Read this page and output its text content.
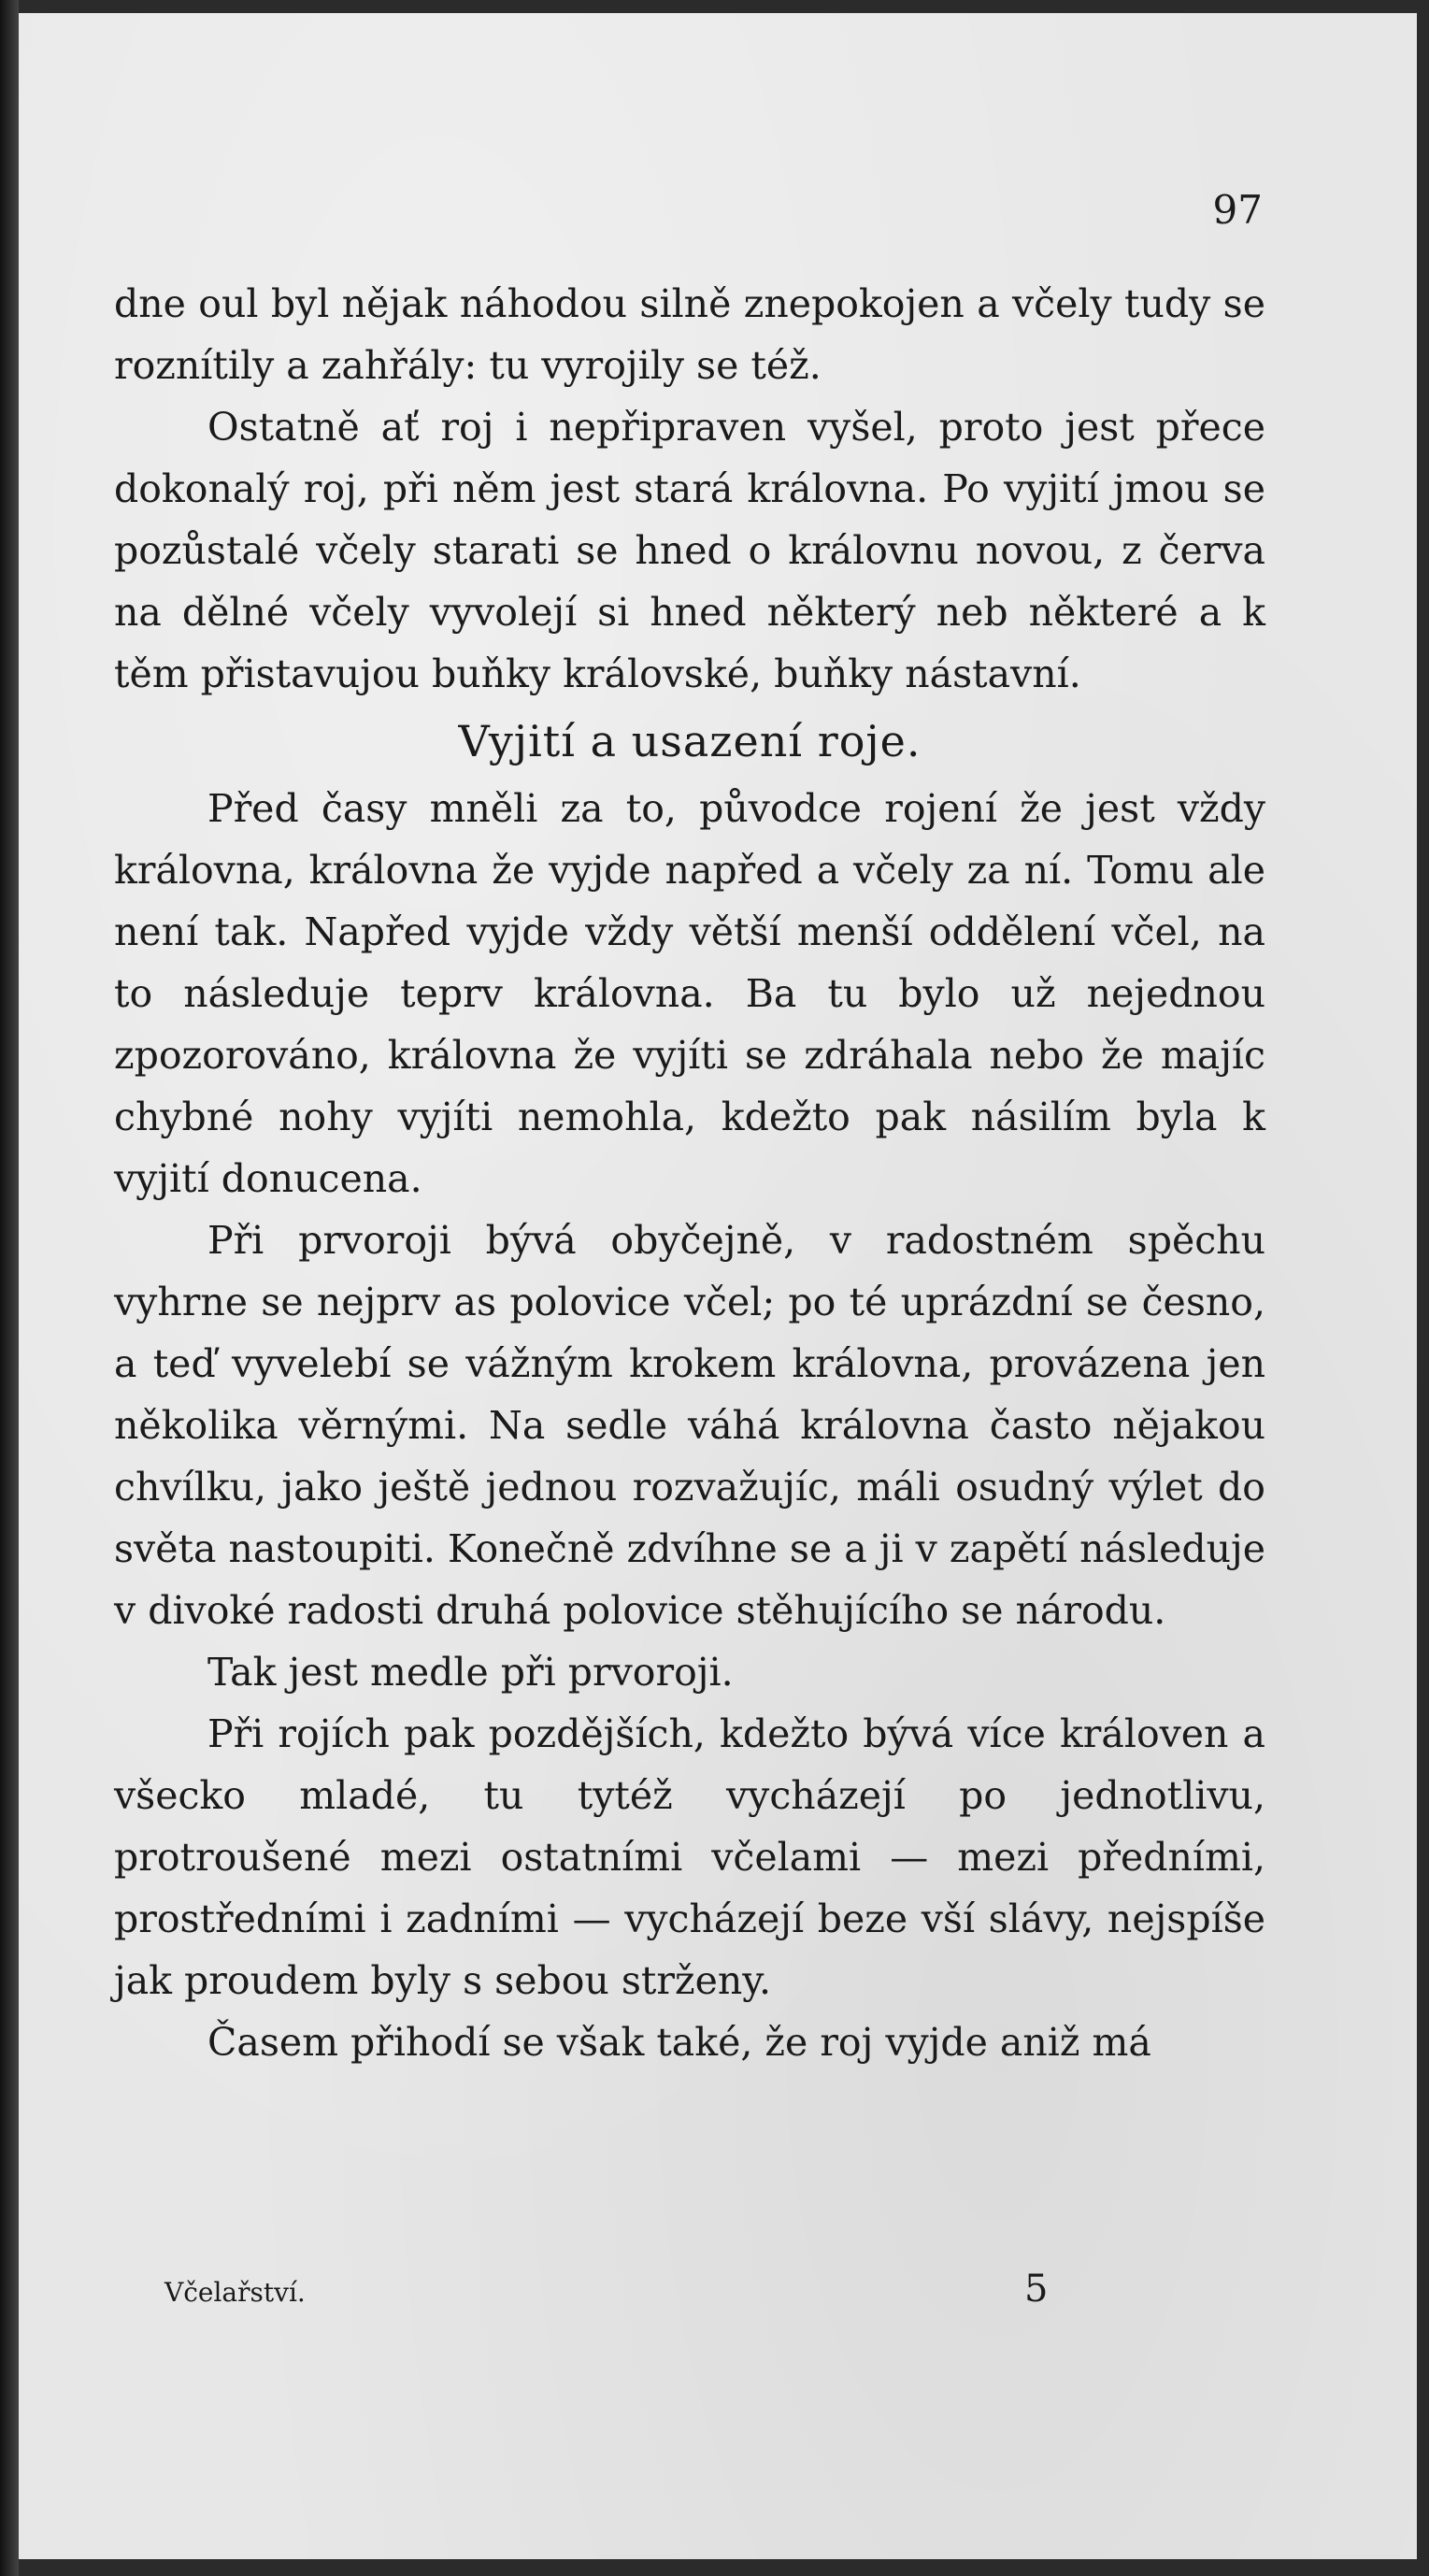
97

dne oul byl nějak náhodou silně znepokojen a včely tudy se roznítily a zahřály: tu vyrojily se též.

Ostatně ať roj i nepřipraven vyšel, proto jest přece dokonalý roj, při něm jest stará královna. Po vyjití jmou se pozůstalé včely starati se hned o královnu novou, z červa na dělné včely vyvolejí si hned některý neb některé a k těm přistavujou buňky královské, buňky nástavní.

Vyjití a usazení roje.

Před časy mněli za to, původce rojení že jest vždy královna, královna že vyjde napřed a včely za ní. Tomu ale není tak. Napřed vyjde vždy větší menší oddělení včel, na to následuje teprv královna. Ba tu bylo už nejednou zpozorováno, královna že vyjíti se zdráhala nebo že majíc chybné nohy vyjíti nemohla, kdežto pak násilím byla k vyjití donucena.

Při prvoroji bývá obyčejně, v radostném spěchu vyhrne se nejprv as polovice včel; po té uprázdní se česno, a teď vyvelebí se vážným krokem královna, provázena jen několika věrnými. Na sedle váhá královna často nějakou chvílku, jako ještě jednou rozvažujíc, máli osudný výlet do světa nastoupiti. Konečně zdvíhne se a ji v zapětí následuje v divoké radosti druhá polovice stěhujícího se národu.

Tak jest medle při prvoroji.

Při rojích pak pozdějších, kdežto bývá více královen a všecko mladé, tu tytéž vycházejí po jednotlivu, protroušené mezi ostatními včelami — mezi předními, prostředními i zadními — vycházejí beze vší slávy, nejspíše jak proudem byly s sebou strženy.

Časem přihodí se však také, že roj vyjde aniž má

Včelařství.	5
